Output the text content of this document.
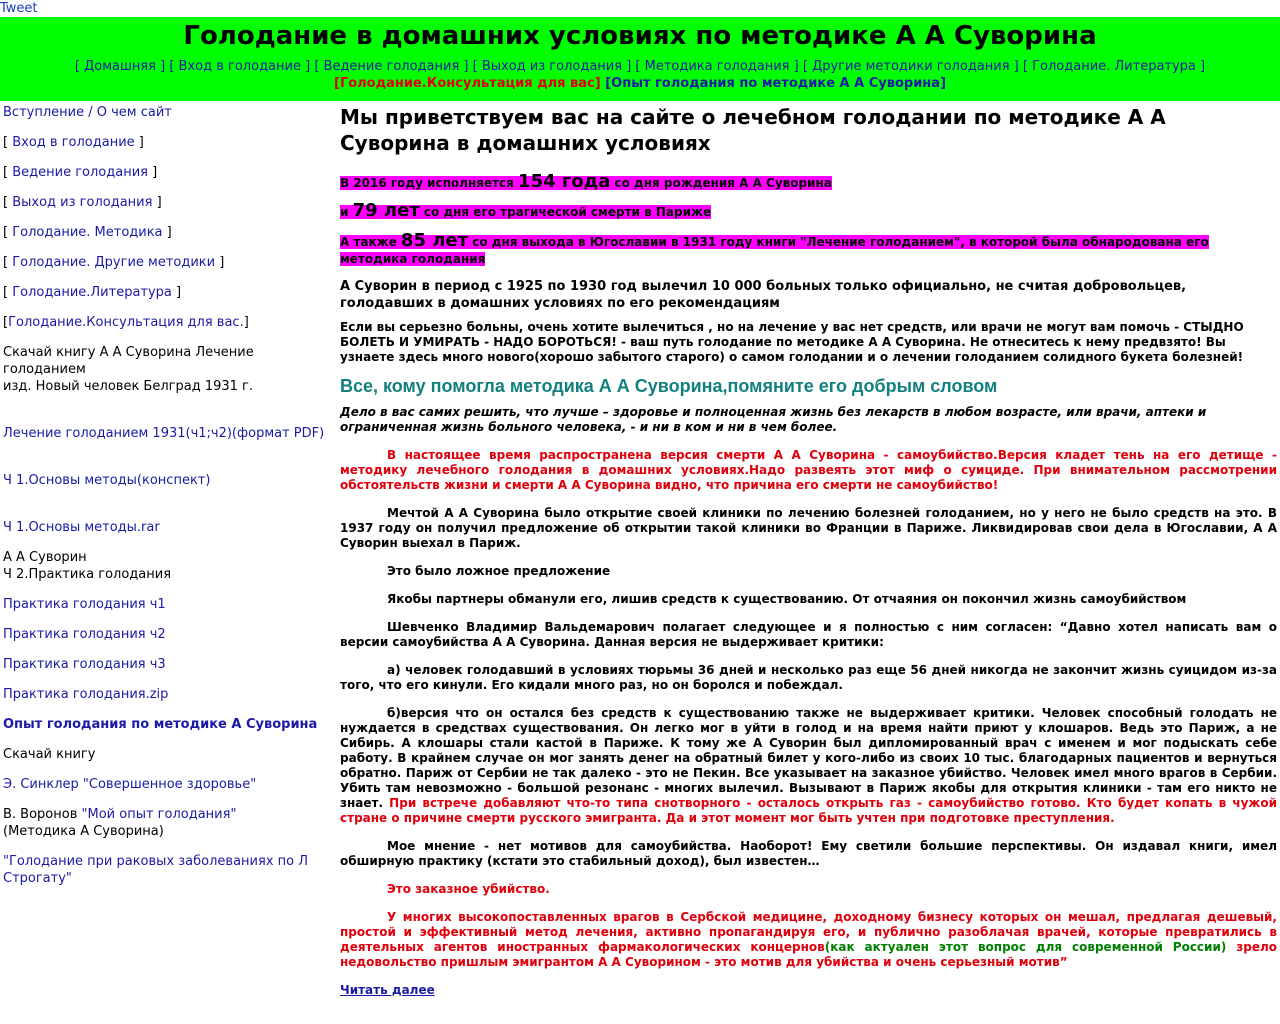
Tweet
Голодание в домашних условиях по методике А А Суворина
[ Домашняя ] [ Вход в голодание ] [ Ведение голодания ] [ Выход из голодания ] [ Методика голодания ] [ Другие методики голодания ] [ Голодание. Литература ]
[Голодание.Консультация для вас] [Опыт голодания по методике А А Суворина]
Вступление / О чем сайт
[ Вход в голодание ]
[ Ведение голодания ]
[ Выход из голодания ]
[ Голодание. Методика ]
[ Голодание. Другие методики ]
[ Голодание.Литература ]
[Голодание.Консультация для вас.]
Скачай книгу А А Суворина Лечение голоданием
изд. Новый человек Белград 1931 г.
Лечение голоданием 1931(ч1;ч2)(формат PDF)
Ч 1.Основы методы(конспект)
Ч 1.Основы методы.rar
А А Суворин
Ч 2.Практика голодания
Практика голодания ч1
Практика голодания ч2
Практика голодания ч3
Практика голодания.zip
Опыт голодания по методике А Суворина
Скачай книгу
Э. Синклер "Совершенное здоровье"
В. Воронов "Мой опыт голодания"
(Методика А Суворина)
"Голодание при раковых заболеваниях по Л Строгату"
Мы приветствуем вас на сайте о лечебном голодании по методике А А Суворина в домашних условиях

В 2016 году исполняется 154 года со дня рождения А А Суворина

и 79 лет со дня его трагической смерти в Париже

А также 85 лет со дня выхода в Югославии в 1931 году книги "Лечение голоданием", в которой была обнародована его методика голодания

А Суворин в период с 1925 по 1930 год вылечил 10 000 больных только официально, не считая добровольцев, голодавших в домашних условиях по его рекомендациям

Если вы серьезно больны, очень хотите вылечиться , но на лечение у вас нет средств, или врачи не могут вам помочь - СТЫДНО БОЛЕТЬ И УМИРАТЬ - НАДО БОРОТЬСЯ! - ваш путь голодание по методике А А Суворина. Не отнеситесь к нему предвзято! Вы узнаете здесь много нового(хорошо забытого старого) о самом голодании и о лечении голоданием солидного букета болезней!

Все, кому помогла методика А А Суворина,помяните его добрым словом

Дело в вас самих решить, что лучше – здоровье и полноценная жизнь без лекарств в любом возрасте, или врачи, аптеки и ограниченная жизнь больного человека, - и ни в ком и ни в чем более.

В настоящее время распространена версия смерти А А Суворина - самоубийство.Версия кладет тень на его детище - методику лечебного голодания в домашних условиях.Надо развеять этот миф о суициде. При внимательном рассмотрении обстоятельств жизни и смерти А А Суворина видно, что причина его смерти не самоубийство!

Мечтой А А Суворина было открытие своей клиники по лечению болезней голоданием, но у него не было средств на это. В 1937 году он получил предложение об открытии такой клиники во Франции в Париже. Ликвидировав свои дела в Югославии, А А Суворин выехал в Париж.

Это было ложное предложение

Якобы партнеры обманули его, лишив средств к существованию. От отчаяния он покончил жизнь самоубийством

Шевченко Владимир Вальдемарович полагает следующее и я полностью с ним согласен: “Давно хотел написать вам о версии самоубийства А А Суворина. Данная версия не выдерживает критики:

а) человек голодавший в условиях тюрьмы 36 дней и несколько раз еще 56 дней никогда не закончит жизнь суицидом из-за того, что его кинули. Его кидали много раз, но он боролся и побеждал.

б)версия что он остался без средств к существованию также не выдерживает критики. Человек способный голодать не нуждается в средствах существования. Он легко мог в уйти в голод и на время найти приют у клошаров. Ведь это Париж, а не Сибирь. А клошары стали кастой в Париже. К тому же А Суворин был дипломированный врач с именем и мог подыскать себе работу. В крайнем случае он мог занять денег на обратный билет у кого-либо из своих 10 тыс. благодарных пациентов и вернуться обратно. Париж от Сербии не так далеко - это не Пекин. Все указывает на заказное убийство. Человек имел много врагов в Сербии. Убить там невозможно - большой резонанс - многих вылечил. Вызывают в Париж якобы для открытия клиники - там его никто не знает. При встрече добавляют что-то типа снотворного - осталось открыть газ - самоубийство готово. Кто будет копать в чужой стране о причине смерти русского эмигранта. Да и этот момент мог быть учтен при подготовке преступления.

Мое мнение - нет мотивов для самоубийства. Наоборот! Ему светили большие перспективы. Он издавал книги, имел обширную практику (кстати это стабильный доход), был известен…

Это заказное убийство.

У многих высокопоставленных врагов в Сербской медицине, доходному бизнесу которых он мешал, предлагая дешевый, простой и эффективный метод лечения, активно пропагандируя его, и публично разоблачая врачей, которые превратились в деятельных агентов иностранных фармакологических концернов(как актуален этот вопрос для современной России) зрело недовольство пришлым эмигрантом А А Суворином - это мотив для убийства и очень серьезный мотив”

Читать далее
